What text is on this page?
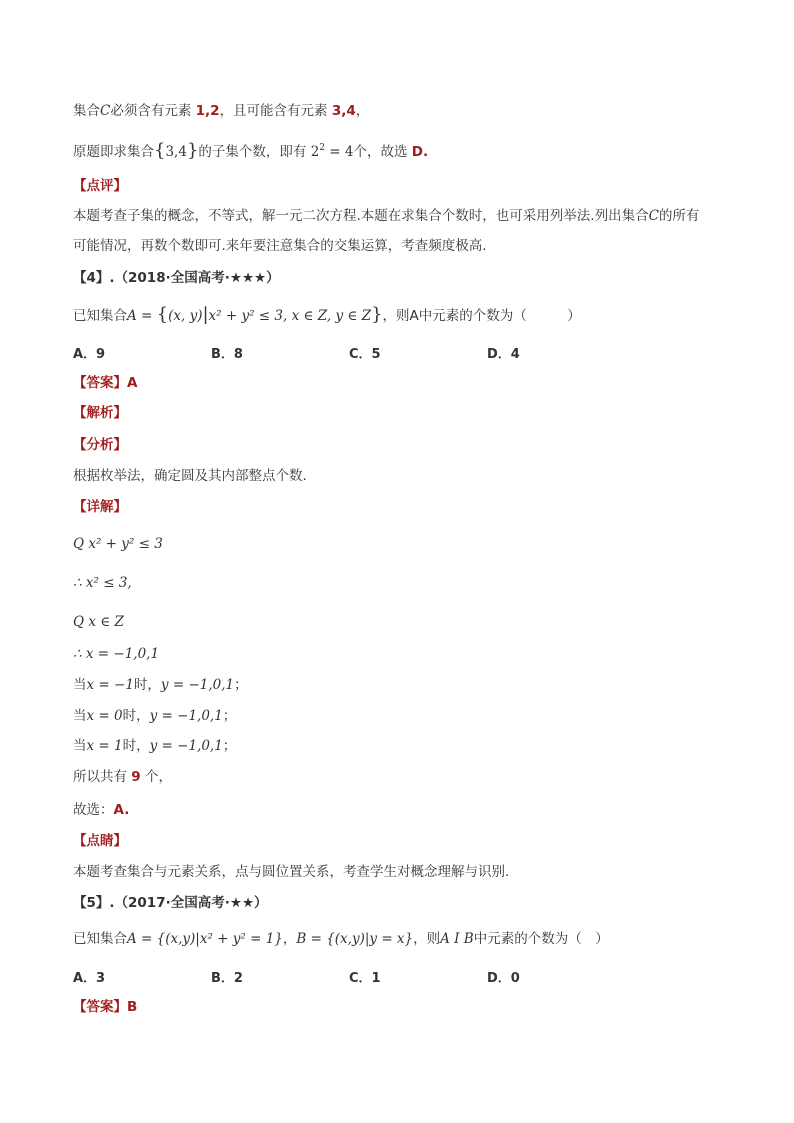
集合C必须含有元素 1,2，且可能含有元素 3,4，
原题即求集合{3,4}的子集个数，即有 $2^2 = 4$个，故选 D.
【点评】
本题考查子集的概念，不等式，解一元二次方程.本题在求集合个数时，也可采用列举法.列出集合C的所有
可能情况，再数个数即可.来年要注意集合的交集运算，考查频度极高.
【4】.（2018·全国高考·★★★）
已知集合A = {(x, y)|x² + y² ≤ 3, x ∈ Z, y ∈ Z}，则A中元素的个数为（　　　）
A．9	B．8	C．5	D．4
【答案】A
【解析】
【分析】
根据枚举法，确定圆及其内部整点个数.
【详解】
Q x² + y² ≤ 3
∴ x² ≤ 3,
Q x ∈ Z
∴ x = −1,0,1
当x = −1时，y = −1,0,1；
当x = 0时，y = −1,0,1；
当x = 1时，y = −1,0,1；
所以共有 9 个，
故选：A.
【点睛】
本题考查集合与元素关系，点与圆位置关系，考查学生对概念理解与识别.
【5】.（2017·全国高考·★★）
已知集合A = {(x,y)|x² + y² = 1}，B = {(x,y)|y = x}，则A I B中元素的个数为（　）
A．3	B．2	C．1	D．0
【答案】B
